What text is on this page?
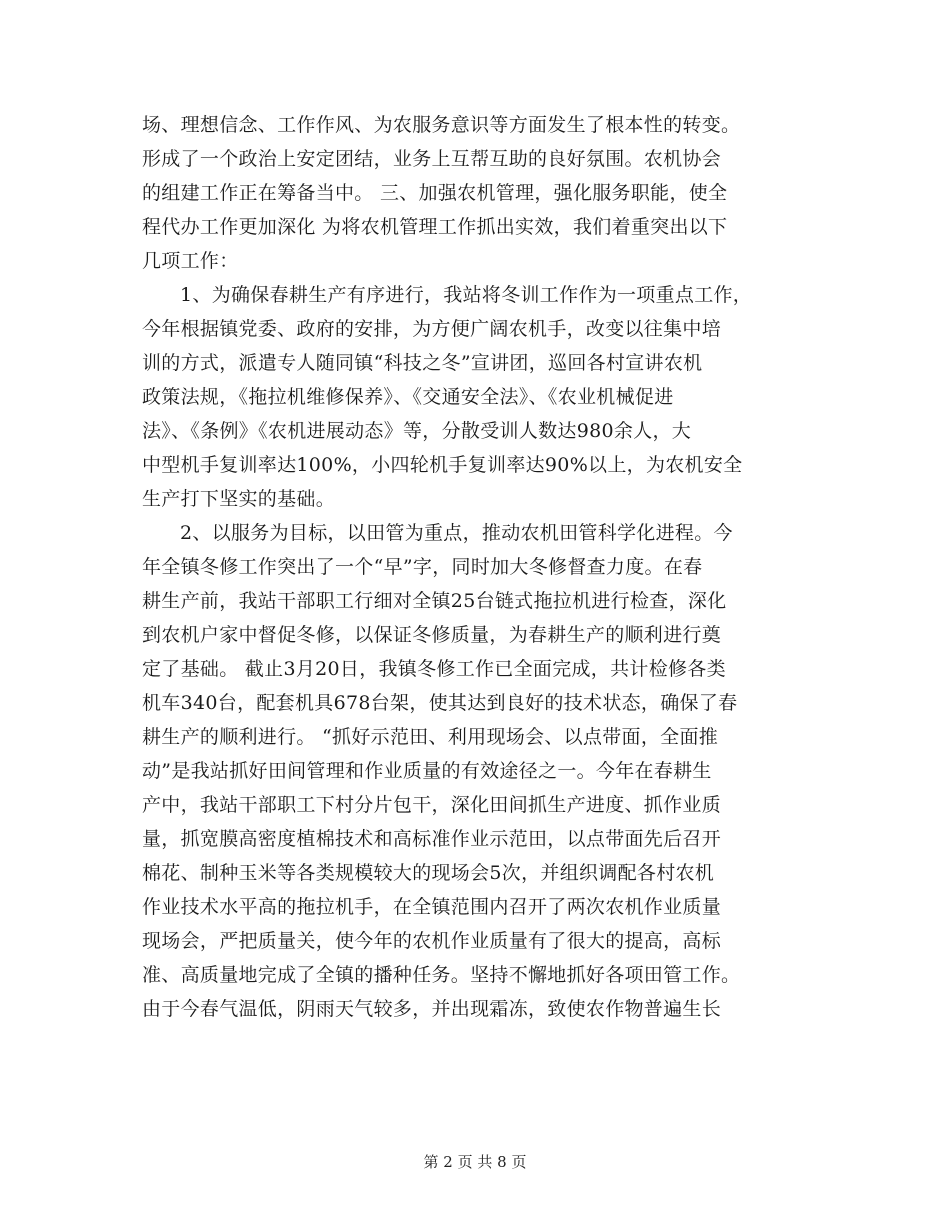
场、理想信念、工作作风、为农服务意识等方面发生了根本性的转变。
形成了一个政治上安定团结，业务上互帮互助的良好氛围。农机协会
的组建工作正在筹备当中。 三、加强农机管理，强化服务职能，使全
程代办工作更加深化 为将农机管理工作抓出实效，我们着重突出以下
几项工作：
1、为确保春耕生产有序进行，我站将冬训工作作为一项重点工作，
今年根据镇党委、政府的安排，为方便广阔农机手，改变以往集中培
训的方式，派遣专人随同镇“科技之冬”宣讲团，巡回各村宣讲农机
政策法规，《拖拉机维修保养》、《交通安全法》、《农业机械促进
法》、《条例》《农机进展动态》等，分散受训人数达980余人，大
中型机手复训率达100%，小四轮机手复训率达90%以上，为农机安全
生产打下坚实的基础。
2、以服务为目标，以田管为重点，推动农机田管科学化进程。今
年全镇冬修工作突出了一个“早”字，同时加大冬修督查力度。在春
耕生产前，我站干部职工行细对全镇25台链式拖拉机进行检查，深化
到农机户家中督促冬修，以保证冬修质量，为春耕生产的顺利进行奠
定了基础。 截止3月20日，我镇冬修工作已全面完成，共计检修各类
机车340台，配套机具678台架，使其达到良好的技术状态，确保了春
耕生产的顺利进行。 “抓好示范田、利用现场会、以点带面，全面推
动”是我站抓好田间管理和作业质量的有效途径之一。今年在春耕生
产中，我站干部职工下村分片包干，深化田间抓生产进度、抓作业质
量，抓宽膜高密度植棉技术和高标准作业示范田，以点带面先后召开
棉花、制种玉米等各类规模较大的现场会5次，并组织调配各村农机
作业技术水平高的拖拉机手，在全镇范围内召开了两次农机作业质量
现场会，严把质量关，使今年的农机作业质量有了很大的提高，高标
准、高质量地完成了全镇的播种任务。坚持不懈地抓好各项田管工作。
由于今春气温低，阴雨天气较多，并出现霜冻，致使农作物普遍生长
第 2 页 共 8 页
